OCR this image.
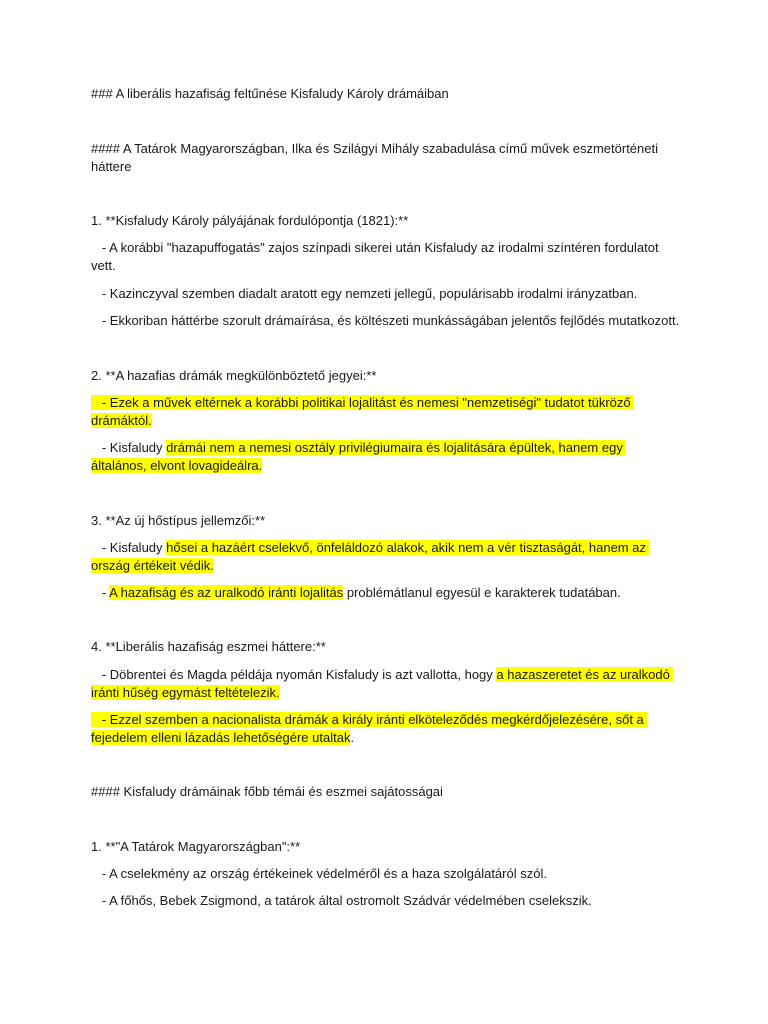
### A liberális hazafiság feltűnése Kisfaludy Károly drámáiban
#### A Tatárok Magyarországban, Ilka és Szilágyi Mihály szabadulása című művek eszmetörténeti háttere
1. **Kisfaludy Károly pályájának fordulópontja (1821):**
- A korábbi "hazapuffogatás" zajos színpadi sikerei után Kisfaludy az irodalmi színtéren fordulatot vett.
- Kazinczyval szemben diadalt aratott egy nemzeti jellegű, populárisabb irodalmi irányzatban.
- Ekkoriban háttérbe szorult drámaírása, és költészeti munkásságában jelentős fejlődés mutatkozott.
2. **A hazafias drámák megkülönböztető jegyei:**
- Ezek a művek eltérnek a korábbi politikai lojalitást és nemesi "nemzetiségi" tudatot tükröző drámáktól.
- Kisfaludy drámái nem a nemesi osztály privilégiumaira és lojalitására épültek, hanem egy általános, elvont lovagideálra.
3. **Az új hőstípus jellemzői:**
- Kisfaludy hősei a hazáért cselekvő, önfeláldozó alakok, akik nem a vér tisztaságát, hanem az ország értékeit védik.
- A hazafiság és az uralkodó iránti lojalitás problémátlanul egyesül e karakterek tudatában.
4. **Liberális hazafiság eszmei háttere:**
- Döbrentei és Magda példája nyomán Kisfaludy is azt vallotta, hogy a hazaszeretet és az uralkodó iránti hűség egymást feltételezik.
- Ezzel szemben a nacionalista drámák a király iránti elköteleződés megkérdőjelezésére, sőt a fejedelem elleni lázadás lehetőségére utaltak.
#### Kisfaludy drámáinak főbb témái és eszmei sajátosságai
1. **"A Tatárok Magyarországban":**
- A cselekmény az ország értékeinek védelméről és a haza szolgálatáról szól.
- A főhős, Bebek Zsigmond, a tatárok által ostromolt Szádvár védelmében cselekszik.
